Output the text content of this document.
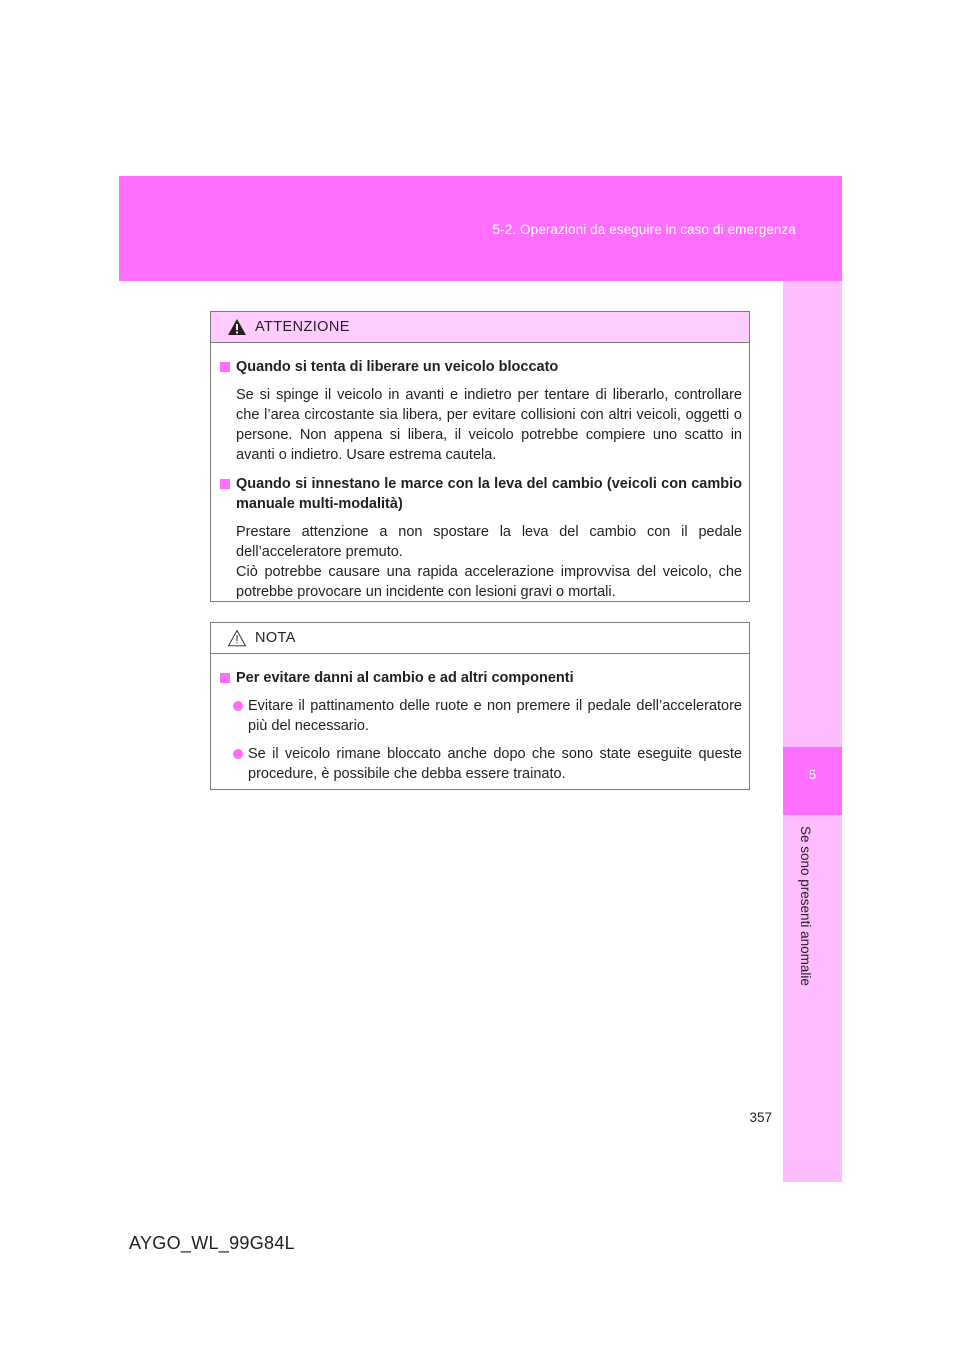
5-2. Operazioni da eseguire in caso di emergenza
5
Se sono presenti anomalie
ATTENZIONE
Quando si tenta di liberare un veicolo bloccato
Se si spinge il veicolo in avanti e indietro per tentare di liberarlo, controllare che l’area circostante sia libera, per evitare collisioni con altri veicoli, oggetti o persone. Non appena si libera, il veicolo potrebbe compiere uno scatto in avanti o indietro. Usare estrema cautela.
Quando si innestano le marce con la leva del cambio (veicoli con cambio manuale multi-modalità)
Prestare attenzione a non spostare la leva del cambio con il pedale dell’acceleratore premuto.
Ciò potrebbe causare una rapida accelerazione improvvisa del veicolo, che potrebbe provocare un incidente con lesioni gravi o mortali.
NOTA
Per evitare danni al cambio e ad altri componenti
Evitare il pattinamento delle ruote e non premere il pedale dell’acceleratore più del necessario.
Se il veicolo rimane bloccato anche dopo che sono state eseguite queste procedure, è possibile che debba essere trainato.
357
AYGO_WL_99G84L
